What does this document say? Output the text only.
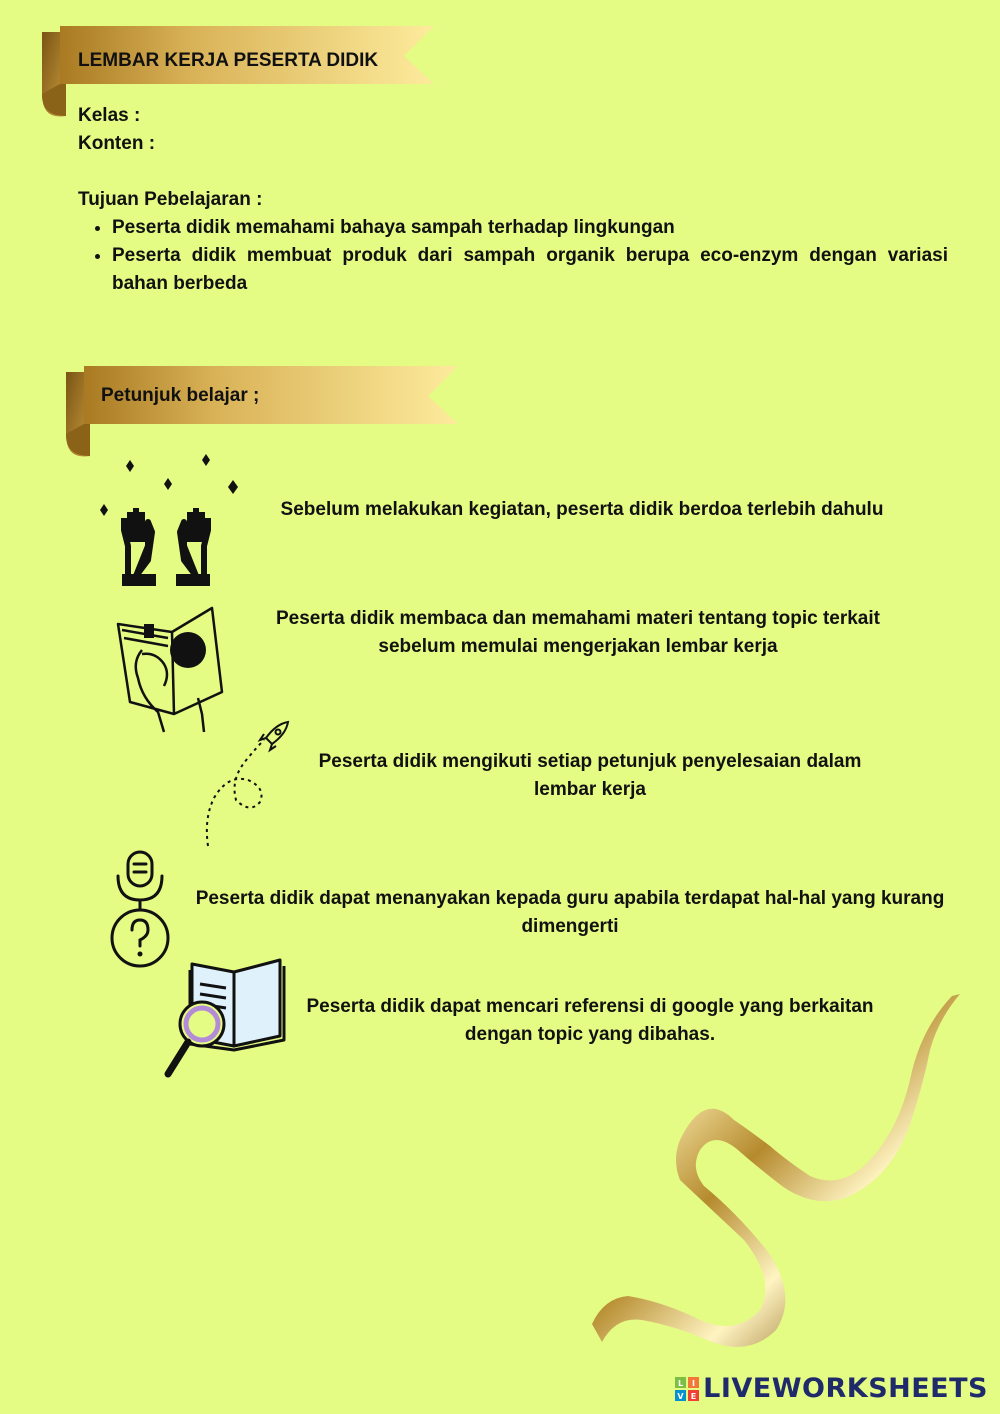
LEMBAR KERJA PESERTA DIDIK
Kelas :
Konten :
Tujuan Pebelajaran :
• Peserta didik memahami bahaya sampah terhadap lingkungan
• Peserta didik membuat produk dari sampah organik berupa eco-enzym dengan variasi bahan berbeda
Petunjuk belajar ;
Sebelum melakukan kegiatan, peserta didik berdoa terlebih dahulu
Peserta didik membaca dan memahami materi tentang topic terkait sebelum memulai mengerjakan lembar kerja
Peserta didik mengikuti setiap petunjuk penyelesaian dalam lembar kerja
Peserta didik dapat menanyakan kepada guru apabila terdapat hal-hal yang kurang dimengerti
Peserta didik dapat mencari referensi di google yang berkaitan dengan topic yang dibahas.
L I
V E LIVEWORKSHEETS
